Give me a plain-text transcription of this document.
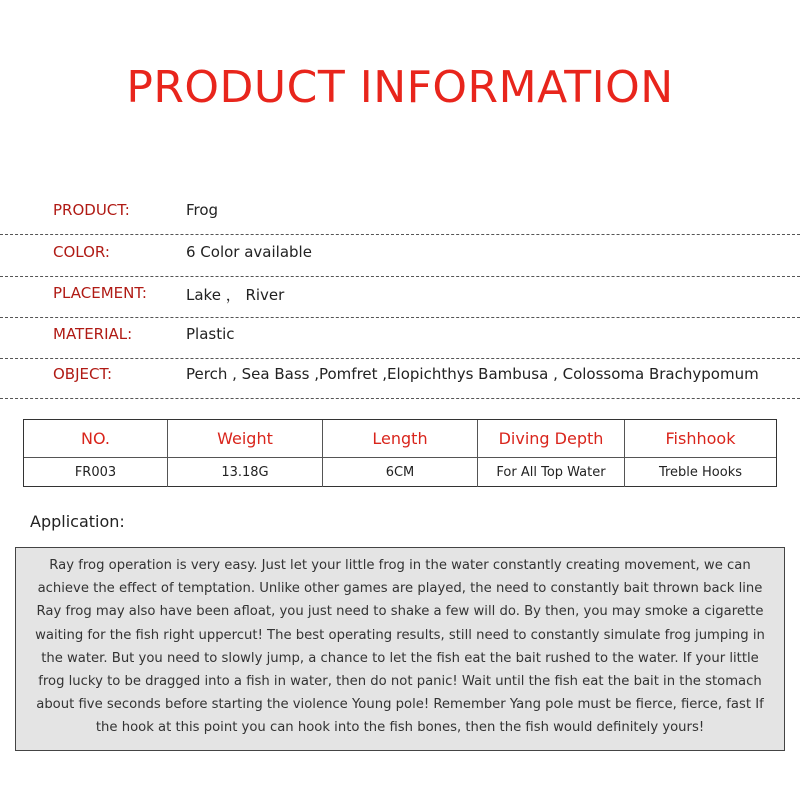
PRODUCT INFORMATION
PRODUCT:	Frog
COLOR:	6 Color available
PLACEMENT:	Lake ， River
MATERIAL:	Plastic
OBJECT:	Perch , Sea Bass ,Pomfret ,Elopichthys Bambusa , Colossoma Brachypomum
NO.	Weight	Length	Diving Depth	Fishhook
FR003	13.18G	6CM	For All Top Water	Treble Hooks
Application:
Ray frog operation is very easy. Just let your little frog in the water constantly creating movement, we can achieve the effect of temptation. Unlike other games are played, the need to constantly bait thrown back line Ray frog may also have been afloat, you just need to shake a few will do. By then, you may smoke a cigarette waiting for the fish right uppercut! The best operating results, still need to constantly simulate frog jumping in the water. But you need to slowly jump, a chance to let the fish eat the bait rushed to the water. If your little frog lucky to be dragged into a fish in water, then do not panic! Wait until the fish eat the bait in the stomach about five seconds before starting the violence Young pole! Remember Yang pole must be fierce, fierce, fast If the hook at this point you can hook into the fish bones, then the fish would definitely yours!
